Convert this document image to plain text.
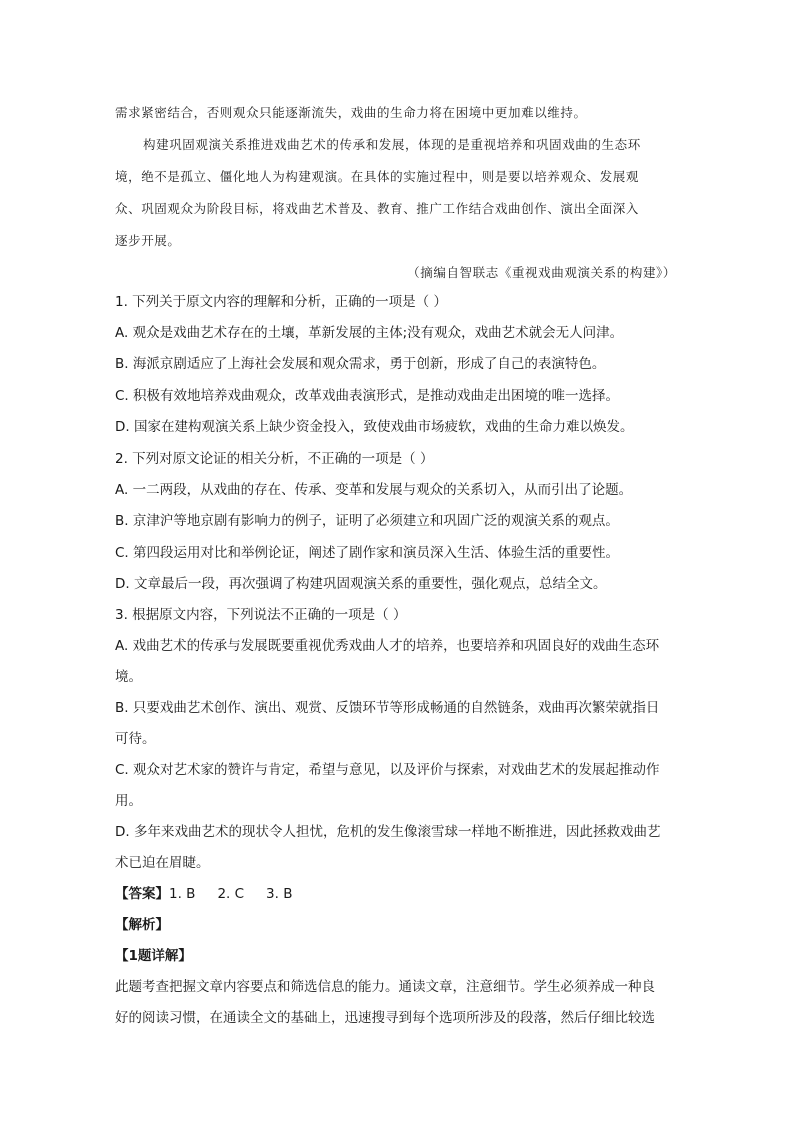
需求紧密结合，否则观众只能逐渐流失，戏曲的生命力将在困境中更加难以维持。
构建巩固观演关系推进戏曲艺术的传承和发展，体现的是重视培养和巩固戏曲的生态环
境，绝不是孤立、僵化地人为构建观演。在具体的实施过程中，则是要以培养观众、发展观
众、巩固观众为阶段目标，将戏曲艺术普及、教育、推广工作结合戏曲创作、演出全面深入
逐步开展。
（摘编自智联志《重视戏曲观演关系的构建》）
1. 下列关于原文内容的理解和分析，正确的一项是（ ）
A. 观众是戏曲艺术存在的土壤，革新发展的主体;没有观众，戏曲艺术就会无人问津。
B. 海派京剧适应了上海社会发展和观众需求，勇于创新，形成了自己的表演特色。
C. 积极有效地培养戏曲观众，改革戏曲表演形式，是推动戏曲走出困境的唯一选择。
D. 国家在建构观演关系上缺少资金投入，致使戏曲市场疲软，戏曲的生命力难以焕发。
2. 下列对原文论证的相关分析，不正确的一项是（ ）
A. 一二两段，从戏曲的存在、传承、变革和发展与观众的关系切入，从而引出了论题。
B. 京津沪等地京剧有影响力的例子，证明了必须建立和巩固广泛的观演关系的观点。
C. 第四段运用对比和举例论证，阐述了剧作家和演员深入生活、体验生活的重要性。
D. 文章最后一段，再次强调了构建巩固观演关系的重要性，强化观点，总结全文。
3. 根据原文内容，下列说法不正确的一项是（ ）
A. 戏曲艺术的传承与发展既要重视优秀戏曲人才的培养，也要培养和巩固良好的戏曲生态环
境。
B. 只要戏曲艺术创作、演出、观赏、反馈环节等形成畅通的自然链条，戏曲再次繁荣就指日
可待。
C. 观众对艺术家的赞许与肯定，希望与意见，以及评价与探索，对戏曲艺术的发展起推动作
用。
D. 多年来戏曲艺术的现状令人担忧，危机的发生像滚雪球一样地不断推进，因此拯救戏曲艺
术已迫在眉睫。
【答案】1. B 2. C 3. B
【解析】
【1题详解】
此题考查把握文章内容要点和筛选信息的能力。通读文章，注意细节。学生必须养成一种良
好的阅读习惯，在通读全文的基础上，迅速搜寻到每个选项所涉及的段落，然后仔细比较选
